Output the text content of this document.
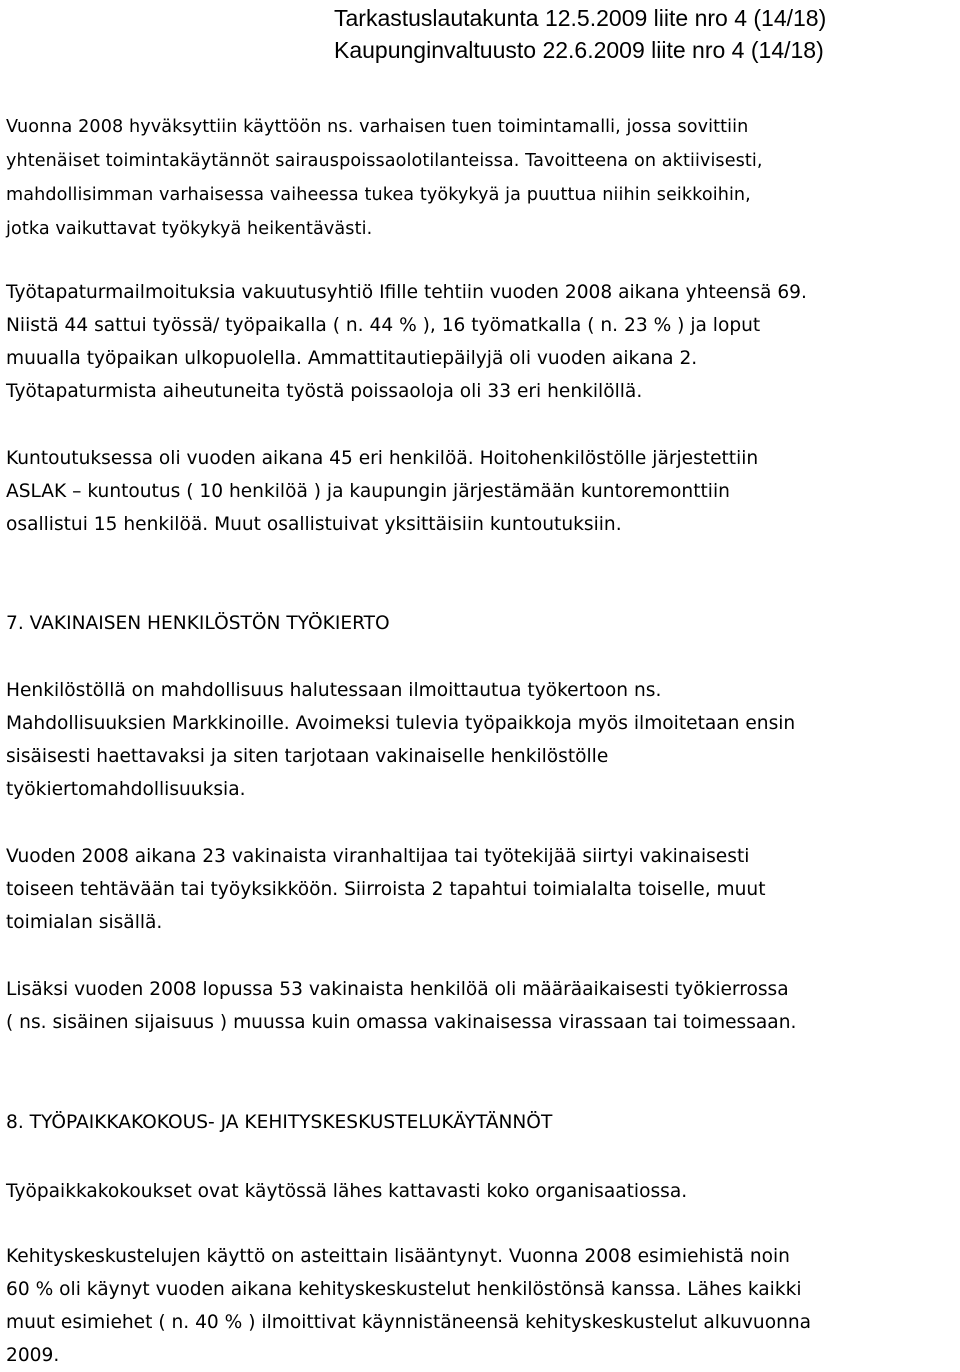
Tarkastuslautakunta 12.5.2009 liite nro 4 (14/18)
Kaupunginvaltuusto 22.6.2009 liite nro 4 (14/18)
Vuonna 2008 hyväksyttiin käyttöön ns. varhaisen tuen toimintamalli, jossa sovittiin
yhtenäiset toimintakäytännöt sairauspoissaolotilanteissa. Tavoitteena on aktiivisesti,
mahdollisimman varhaisessa vaiheessa tukea työkykyä ja puuttua niihin seikkoihin,
jotka vaikuttavat työkykyä heikentävästi.
Työtapaturmailmoituksia vakuutusyhtiö Ifille tehtiin vuoden 2008 aikana yhteensä 69.
Niistä 44 sattui työssä/ työpaikalla ( n. 44 % ), 16 työmatkalla ( n. 23 % ) ja loput
muualla työpaikan ulkopuolella. Ammattitautiepäilyjä oli vuoden aikana 2.
Työtapaturmista aiheutuneita työstä poissaoloja oli 33 eri henkilöllä.
Kuntoutuksessa oli vuoden aikana 45 eri henkilöä. Hoitohenkilöstölle järjestettiin
ASLAK – kuntoutus ( 10 henkilöä ) ja kaupungin järjestämään kuntoremonttiin
osallistui 15 henkilöä. Muut osallistuivat yksittäisiin kuntoutuksiin.
7. VAKINAISEN HENKILÖSTÖN TYÖKIERTO
Henkilöstöllä on mahdollisuus halutessaan ilmoittautua työkertoon ns.
Mahdollisuuksien Markkinoille. Avoimeksi tulevia työpaikkoja myös ilmoitetaan ensin
sisäisesti haettavaksi ja siten tarjotaan vakinaiselle henkilöstölle
työkiertomahdollisuuksia.
Vuoden 2008 aikana 23 vakinaista viranhaltijaa tai työtekijää siirtyi vakinaisesti
toiseen tehtävään tai työyksikköön. Siirroista 2 tapahtui toimialalta toiselle, muut
toimialan sisällä.
Lisäksi vuoden 2008 lopussa 53 vakinaista henkilöä oli määräaikaisesti työkierrossa
( ns. sisäinen sijaisuus ) muussa kuin omassa vakinaisessa virassaan tai toimessaan.
8. TYÖPAIKKAKOKOUS- JA KEHITYSKESKUSTELUKÄYTÄNNÖT
Työpaikkakokoukset ovat käytössä lähes kattavasti koko organisaatiossa.
Kehityskeskustelujen käyttö on asteittain lisääntynyt. Vuonna 2008 esimiehistä noin
60 % oli käynyt vuoden aikana kehityskeskustelut henkilöstönsä kanssa. Lähes kaikki
muut esimiehet ( n. 40 % ) ilmoittivat käynnistäneensä kehityskeskustelut alkuvuonna
2009.
